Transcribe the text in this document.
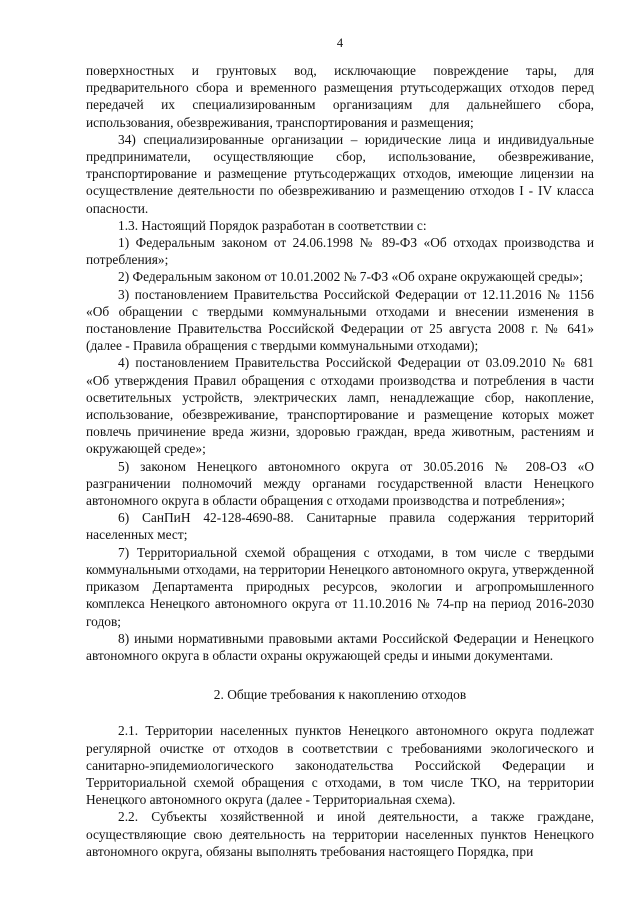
4

поверхностных и грунтовых вод, исключающие повреждение тары, для предварительного сбора и временного размещения ртутьсодержащих отходов перед передачей их специализированным организациям для дальнейшего сбора, использования, обезвреживания, транспортирования и размещения;

34) специализированные организации – юридические лица и индивидуальные предприниматели, осуществляющие сбор, использование, обезвреживание, транспортирование и размещение ртутьсодержащих отходов, имеющие лицензии на осуществление деятельности по обезвреживанию и размещению отходов I - IV класса опасности.

1.3. Настоящий Порядок разработан в соответствии с:

1) Федеральным законом от 24.06.1998 № 89-ФЗ «Об отходах производства и потребления»;

2) Федеральным законом от 10.01.2002 № 7-ФЗ «Об охране окружающей среды»;

3) постановлением Правительства Российской Федерации от 12.11.2016 № 1156 «Об обращении с твердыми коммунальными отходами и внесении изменения в постановление Правительства Российской Федерации от 25 августа 2008 г. № 641» (далее - Правила обращения с твердыми коммунальными отходами);

4) постановлением Правительства Российской Федерации от 03.09.2010 № 681 «Об утверждения Правил обращения с отходами производства и потребления в части осветительных устройств, электрических ламп, ненадлежащие сбор, накопление, использование, обезвреживание, транспортирование и размещение которых может повлечь причинение вреда жизни, здоровью граждан, вреда животным, растениям и окружающей среде»;

5) законом Ненецкого автономного округа от 30.05.2016 № 208-ОЗ «О разграничении полномочий между органами государственной власти Ненецкого автономного округа в области обращения с отходами производства и потребления»;

6) СанПиН 42-128-4690-88. Санитарные правила содержания территорий населенных мест;

7) Территориальной схемой обращения с отходами, в том числе с твердыми коммунальными отходами, на территории Ненецкого автономного округа, утвержденной приказом Департамента природных ресурсов, экологии и агропромышленного комплекса Ненецкого автономного округа от 11.10.2016 № 74-пр на период 2016-2030 годов;

8) иными нормативными правовыми актами Российской Федерации и Ненецкого автономного округа в области охраны окружающей среды и иными документами.

2. Общие требования к накоплению отходов

2.1. Территории населенных пунктов Ненецкого автономного округа подлежат регулярной очистке от отходов в соответствии с требованиями экологического и санитарно-эпидемиологического законодательства Российской Федерации и Территориальной схемой обращения с отходами, в том числе ТКО, на территории Ненецкого автономного округа (далее - Территориальная схема).

2.2. Субъекты хозяйственной и иной деятельности, а также граждане, осуществляющие свою деятельность на территории населенных пунктов Ненецкого автономного округа, обязаны выполнять требования настоящего Порядка, при
